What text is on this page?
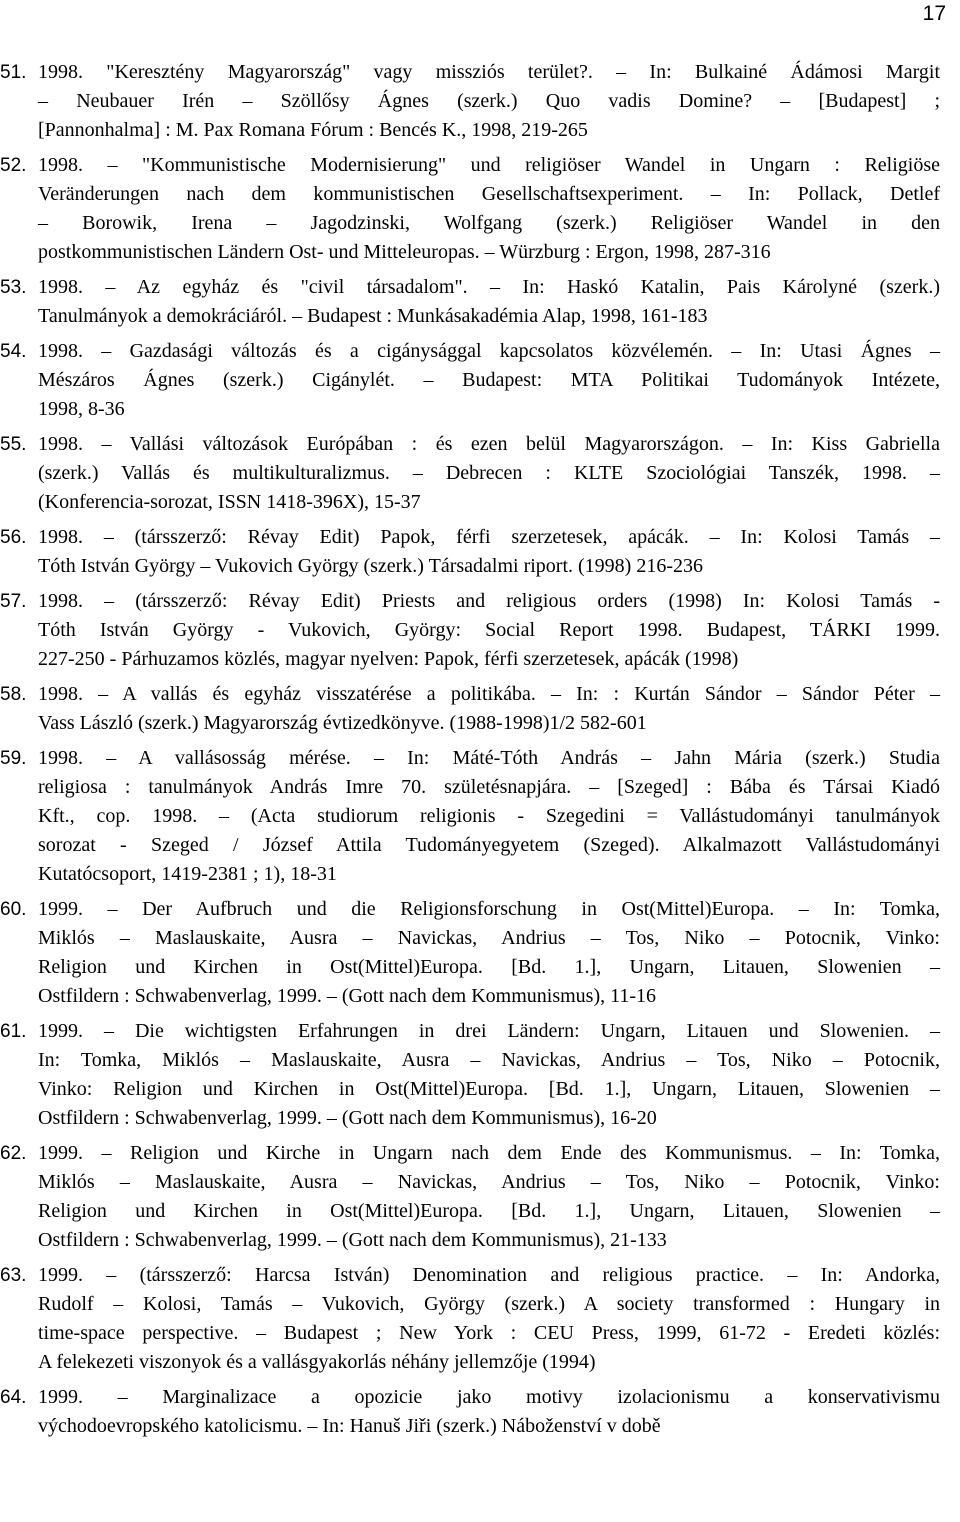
17
51. 1998. "Keresztény Magyarország" vagy missziós terület?. – In: Bulkainé Ádámosi Margit
– Neubauer Irén – Szöllősy Ágnes (szerk.) Quo vadis Domine? – [Budapest] ;
[Pannonhalma] : M. Pax Romana Fórum : Bencés K., 1998, 219-265
52. 1998. – "Kommunistische Modernisierung" und religiöser Wandel in Ungarn : Religiöse
Veränderungen nach dem kommunistischen Gesellschaftsexperiment. – In: Pollack, Detlef
– Borowik, Irena – Jagodzinski, Wolfgang (szerk.) Religiöser Wandel in den
postkommunistischen Ländern Ost- und Mitteleuropas. – Würzburg : Ergon, 1998, 287-316
53. 1998. – Az egyház és "civil társadalom". – In: Haskó Katalin, Pais Károlyné (szerk.)
Tanulmányok a demokráciáról. – Budapest : Munkásakadémia Alap, 1998, 161-183
54. 1998. – Gazdasági változás és a cigánysággal kapcsolatos közvélemén. – In: Utasi Ágnes –
Mészáros Ágnes (szerk.) Cigánylét. – Budapest: MTA Politikai Tudományok Intézete,
1998, 8-36
55. 1998. – Vallási változások Európában : és ezen belül Magyarországon. – In: Kiss Gabriella
(szerk.) Vallás és multikulturalizmus. – Debrecen : KLTE Szociológiai Tanszék, 1998. –
(Konferencia-sorozat, ISSN 1418-396X), 15-37
56. 1998. – (társszerző: Révay Edit) Papok, férfi szerzetesek, apácák. – In: Kolosi Tamás –
Tóth István György – Vukovich György (szerk.) Társadalmi riport. (1998) 216-236
57. 1998. – (társszerző: Révay Edit) Priests and religious orders (1998) In: Kolosi Tamás -
Tóth István György - Vukovich, György: Social Report 1998. Budapest, TÁRKI 1999.
227-250 - Párhuzamos közlés, magyar nyelven: Papok, férfi szerzetesek, apácák (1998)
58. 1998. – A vallás és egyház visszatérése a politikába. – In: : Kurtán Sándor – Sándor Péter –
Vass László (szerk.) Magyarország évtizedkönyve. (1988-1998)1/2 582-601
59. 1998. – A vallásosság mérése. – In: Máté-Tóth András – Jahn Mária (szerk.) Studia
religiosa : tanulmányok András Imre 70. születésnapjára. – [Szeged] : Bába és Társai Kiadó
Kft., cop. 1998. – (Acta studiorum religionis - Szegedini = Vallástudományi tanulmányok
sorozat - Szeged / József Attila Tudományegyetem (Szeged). Alkalmazott Vallástudományi
Kutatócsoport, 1419-2381 ; 1), 18-31
60. 1999. – Der Aufbruch und die Religionsforschung in Ost(Mittel)Europa. – In: Tomka,
Miklós – Maslauskaite, Ausra – Navickas, Andrius – Tos, Niko – Potocnik, Vinko:
Religion und Kirchen in Ost(Mittel)Europa. [Bd. 1.], Ungarn, Litauen, Slowenien –
Ostfildern : Schwabenverlag, 1999. – (Gott nach dem Kommunismus), 11-16
61. 1999. – Die wichtigsten Erfahrungen in drei Ländern: Ungarn, Litauen und Slowenien. –
In: Tomka, Miklós – Maslauskaite, Ausra – Navickas, Andrius – Tos, Niko – Potocnik,
Vinko: Religion und Kirchen in Ost(Mittel)Europa. [Bd. 1.], Ungarn, Litauen, Slowenien –
Ostfildern : Schwabenverlag, 1999. – (Gott nach dem Kommunismus), 16-20
62. 1999. – Religion und Kirche in Ungarn nach dem Ende des Kommunismus. – In: Tomka,
Miklós – Maslauskaite, Ausra – Navickas, Andrius – Tos, Niko – Potocnik, Vinko:
Religion und Kirchen in Ost(Mittel)Europa. [Bd. 1.], Ungarn, Litauen, Slowenien –
Ostfildern : Schwabenverlag, 1999. – (Gott nach dem Kommunismus), 21-133
63. 1999. – (társszerző: Harcsa István) Denomination and religious practice. – In: Andorka,
Rudolf – Kolosi, Tamás – Vukovich, György (szerk.) A society transformed : Hungary in
time-space perspective. – Budapest ; New York : CEU Press, 1999, 61-72 - Eredeti közlés:
A felekezeti viszonyok és a vallásgyakorlás néhány jellemzője (1994)
64. 1999. – Marginalizace a opozicie jako motivy izolacionismu a konservativismu
východoevropského katolicismu. – In: Hanuš Jiři (szerk.) Náboženství v době
